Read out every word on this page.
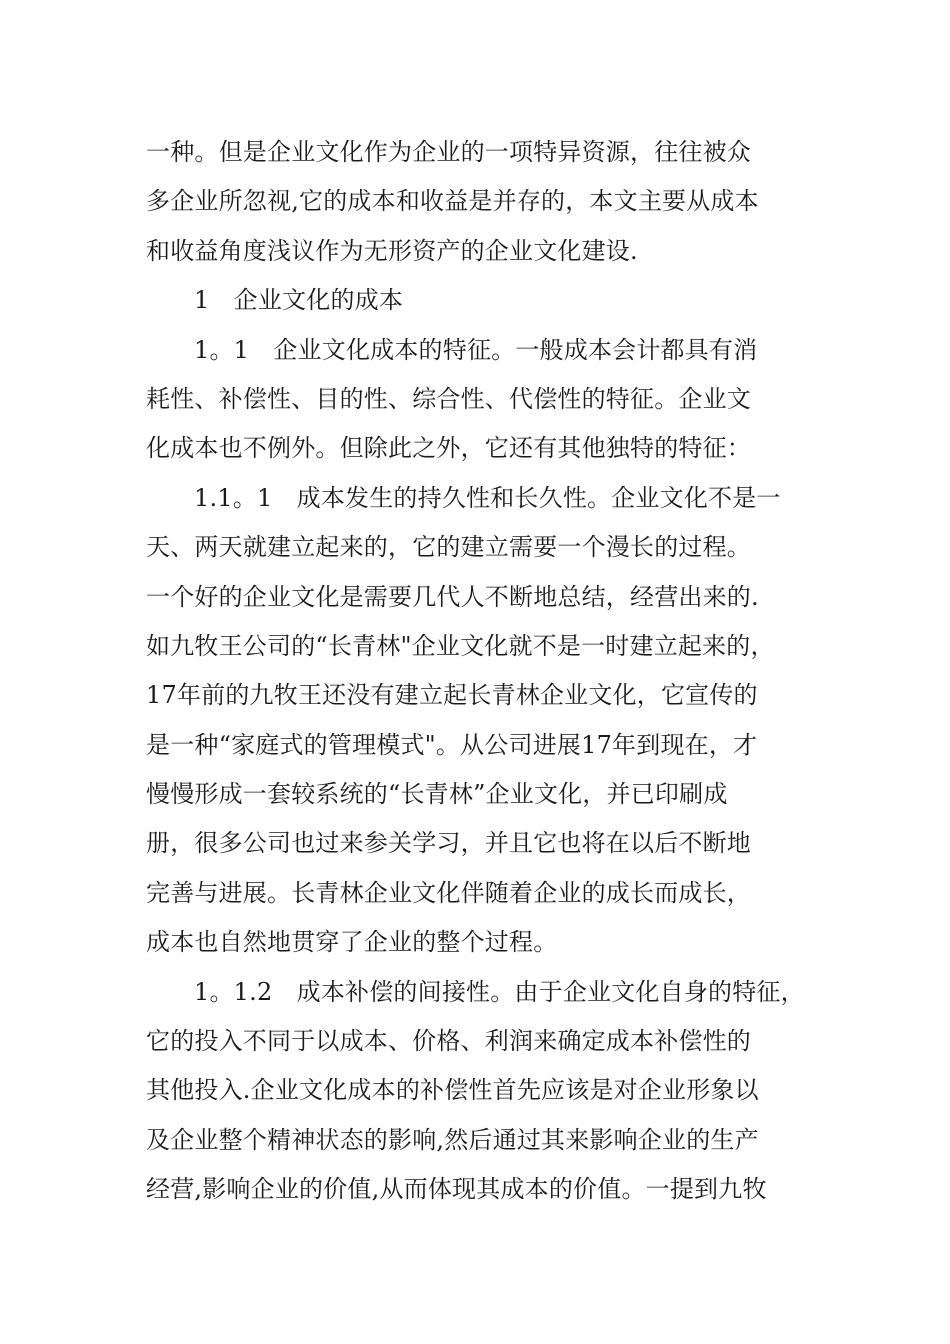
一种。但是企业文化作为企业的一项特异资源，往往被众
多企业所忽视,它的成本和收益是并存的，本文主要从成本
和收益角度浅议作为无形资产的企业文化建设.
1　企业文化的成本
1。1　企业文化成本的特征。一般成本会计都具有消
耗性、补偿性、目的性、综合性、代偿性的特征。企业文
化成本也不例外。但除此之外，它还有其他独特的特征：
1.1。1　成本发生的持久性和长久性。企业文化不是一
天、两天就建立起来的，它的建立需要一个漫长的过程。
一个好的企业文化是需要几代人不断地总结，经营出来的.
如九牧王公司的“长青林"企业文化就不是一时建立起来的，
17年前的九牧王还没有建立起长青林企业文化，它宣传的
是一种“家庭式的管理模式"。从公司进展17年到现在，才
慢慢形成一套较系统的“长青林”企业文化，并已印刷成
册，很多公司也过来参关学习，并且它也将在以后不断地
完善与进展。长青林企业文化伴随着企业的成长而成长，
成本也自然地贯穿了企业的整个过程。
1。1.2　成本补偿的间接性。由于企业文化自身的特征，
它的投入不同于以成本、价格、利润来确定成本补偿性的
其他投入.企业文化成本的补偿性首先应该是对企业形象以
及企业整个精神状态的影响,然后通过其来影响企业的生产
经营,影响企业的价值,从而体现其成本的价值。一提到九牧
